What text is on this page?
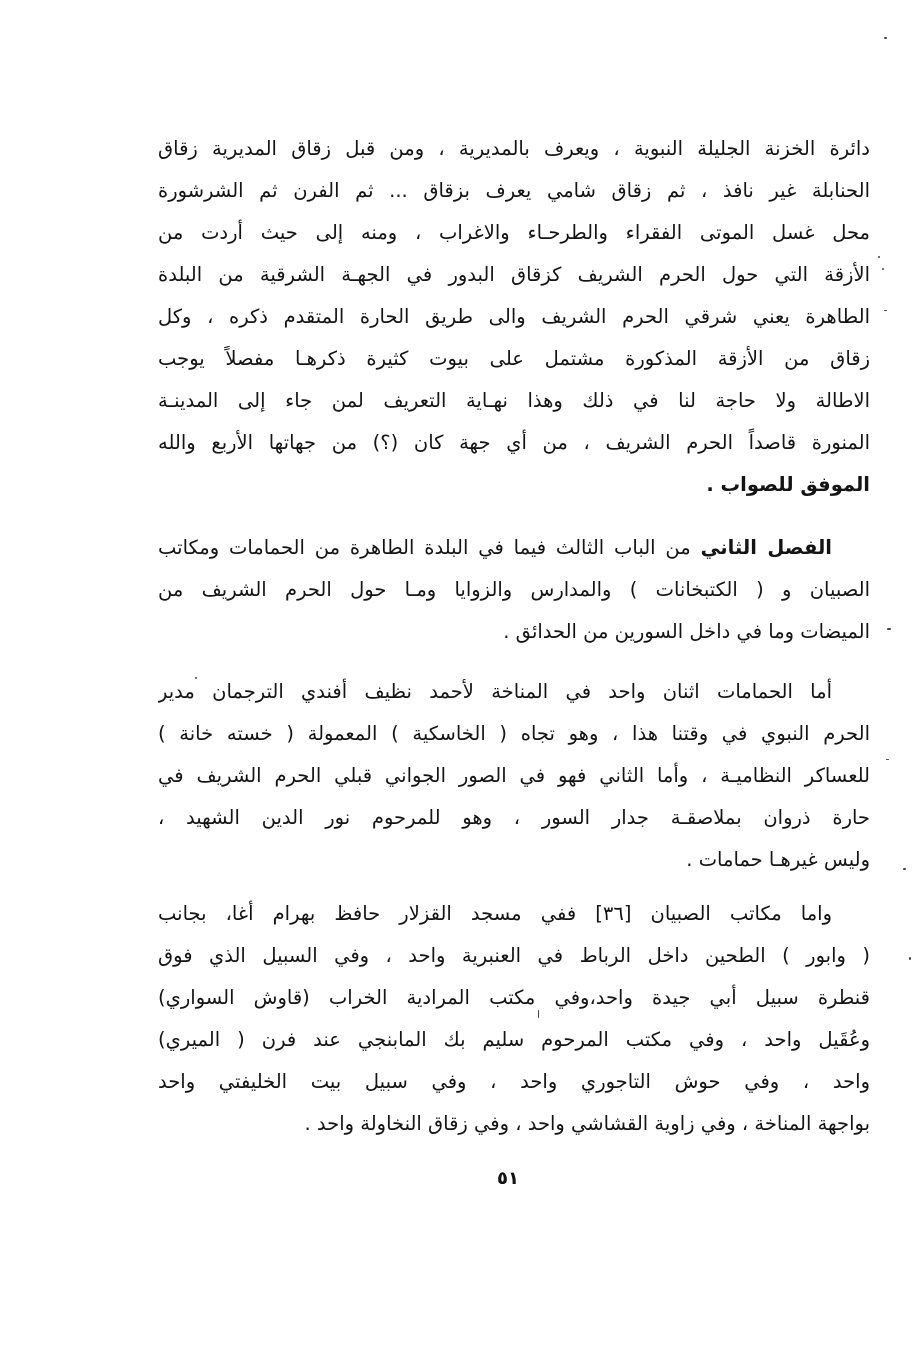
دائرة الخزنة الجليلة النبوية ، ويعرف بالمديرية ، ومن قبل زقاق المديرية زقاق
الحنابلة غير نافذ ، ثم زقاق شامي يعرف بزقاق ... ثم الفرن ثم الشرشورة
محل غسل الموتى الفقراء والطرحـاء والاغراب ، ومنه إلى حيث أردت من
الأزقة التي حول الحرم الشريف كزقاق البدور في الجهـة الشرقية من البلدة
الطاهرة يعني شرقي الحرم الشريف والى طريق الحارة المتقدم ذكره ، وكل
زقاق من الأزقة المذكورة مشتمل على بيوت كثيرة ذكرهـا مفصلاً يوجب
الاطالة ولا حاجة لنا في ذلك وهذا نهـاية التعريف لمن جاء إلى المدينـة
المنورة قاصداً الحرم الشريف ، من أي جهة كان (؟) من جهاتها الأربع والله
الموفق للصواب .
الفصل الثاني من الباب الثالث فيما في البلدة الطاهرة من الحمامات ومكاتب
الصبيان و ( الكتبخانات ) والمدارس والزوايا ومـا حول الحرم الشريف من
الميضات وما في داخل السورين من الحدائق .
أما الحمامات اثنان واحد في المناخة لأحمد نظيف أفندي الترجمان مدير
الحرم النبوي في وقتنا هذا ، وهو تجاه ( الخاسكية ) المعمولة ( خسته خانة )
للعساكر النظاميـة ، وأما الثاني فهو في الصور الجواني قبلي الحرم الشريف في
حارة ذروان بملاصقـة جدار السور ، وهو للمرحوم نور الدين الشهيد ،
وليس غيرهـا حمامات .
واما مكاتب الصبيان [٣٦] ففي مسجد القزلار حافظ بهرام أغا، بجانب
( وابور ) الطحين داخل الرباط في العنبرية واحد ، وفي السبيل الذي فوق
قنطرة سبيل أبي جيدة واحد،وفي مكتب المرادية الخراب (قاوش السواري)
وعُقَيل واحد ، وفي مكتب المرحوم سليم بك المابنجي عند فرن ( الميري)
واحد ، وفي حوش التاجوري واحد ، وفي سبيل بيت الخليفتي واحد
بواجهة المناخة ، وفي زاوية القشاشي واحد ، وفي زقاق النخاولة واحد .
٥١
